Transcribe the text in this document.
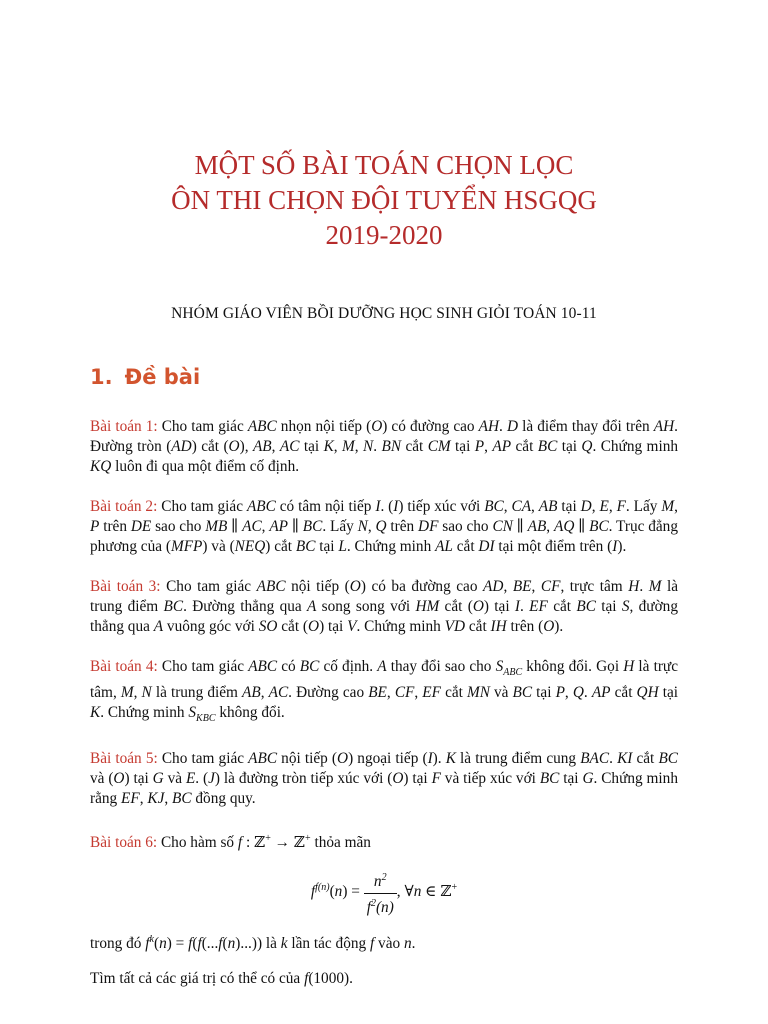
MỘT SỐ BÀI TOÁN CHỌN LỌC
ÔN THI CHỌN ĐỘI TUYỂN HSGQG
2019-2020
NHÓM GIÁO VIÊN BỒI DƯỠNG HỌC SINH GIỎI TOÁN 10-11
1. Đề bài

Bài toán 1: Cho tam giác ABC nhọn nội tiếp (O) có đường cao AH. D là điểm thay đổi trên AH. Đường tròn (AD) cắt (O), AB, AC tại K, M, N. BN cắt CM tại P, AP cắt BC tại Q. Chứng minh KQ luôn đi qua một điểm cố định.

Bài toán 2: Cho tam giác ABC có tâm nội tiếp I. (I) tiếp xúc với BC, CA, AB tại D, E, F. Lấy M, P trên DE sao cho MB ∥ AC, AP ∥ BC. Lấy N, Q trên DF sao cho CN ∥ AB, AQ ∥ BC. Trục đẳng phương của (MFP) và (NEQ) cắt BC tại L. Chứng minh AL cắt DI tại một điểm trên (I).

Bài toán 3: Cho tam giác ABC nội tiếp (O) có ba đường cao AD, BE, CF, trực tâm H. M là trung điểm BC. Đường thẳng qua A song song với HM cắt (O) tại I. EF cắt BC tại S, đường thẳng qua A vuông góc với SO cắt (O) tại V. Chứng minh VD cắt IH trên (O).

Bài toán 4: Cho tam giác ABC có BC cố định. A thay đổi sao cho $S_{ABC}$ không đổi. Gọi H là trực tâm, M, N là trung điểm AB, AC. Đường cao BE, CF, EF cắt MN và BC tại P, Q. AP cắt QH tại K. Chứng minh $S_{KBC}$ không đổi.

Bài toán 5: Cho tam giác ABC nội tiếp (O) ngoại tiếp (I). K là trung điểm cung BAC. KI cắt BC và (O) tại G và E. (J) là đường tròn tiếp xúc với (O) tại F và tiếp xúc với BC tại G. Chứng minh rằng EF, KJ, BC đồng quy.

Bài toán 6: Cho hàm số f : ℤ+ → ℤ+ thỏa mãn

$f^{f(n)}(n) = \frac{n^2}{f^2(n)}$ , ∀n ∈ ℤ+
trong đó $f^k(n) = f(f(...f(n)...))$ là k lần tác động f vào n.
Tìm tất cả các giá trị có thể có của f(1000).
